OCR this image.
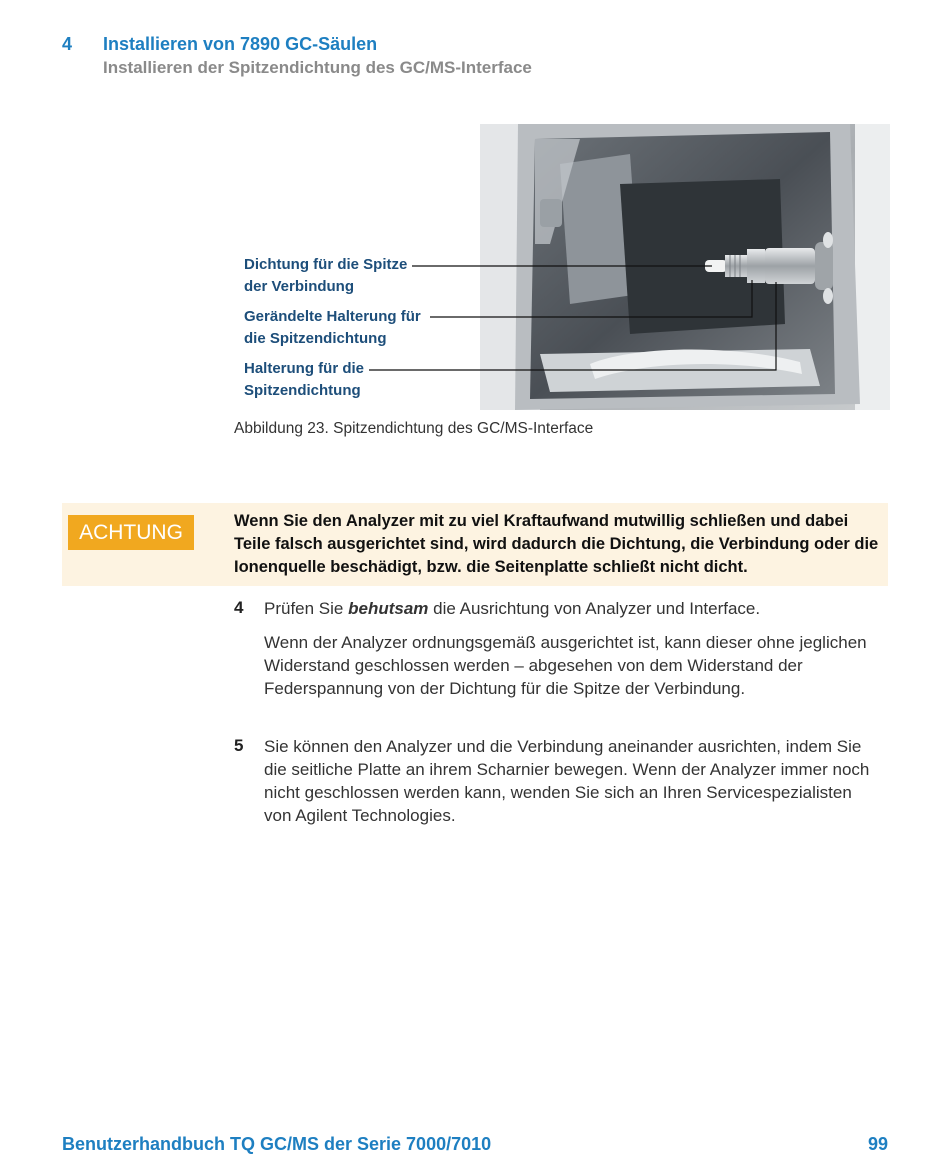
4 Installieren von 7890 GC-Säulen
Installieren der Spitzendichtung des GC/MS-Interface
Dichtung für die Spitze
der Verbindung
Gerändelte Halterung für
die Spitzendichtung
Halterung für die
Spitzendichtung
Abbildung 23. Spitzendichtung des GC/MS-Interface
ACHTUNG	Wenn Sie den Analyzer mit zu viel Kraftaufwand mutwillig schließen und dabei Teile falsch ausgerichtet sind, wird dadurch die Dichtung, die Verbindung oder die Ionenquelle beschädigt, bzw. die Seitenplatte schließt nicht dicht.
4 Prüfen Sie behutsam die Ausrichtung von Analyzer und Interface.
Wenn der Analyzer ordnungsgemäß ausgerichtet ist, kann dieser ohne jeglichen Widerstand geschlossen werden – abgesehen von dem Widerstand der Federspannung von der Dichtung für die Spitze der Verbindung.
5 Sie können den Analyzer und die Verbindung aneinander ausrichten, indem Sie die seitliche Platte an ihrem Scharnier bewegen. Wenn der Analyzer immer noch nicht geschlossen werden kann, wenden Sie sich an Ihren Servicespezialisten von Agilent Technologies.
Benutzerhandbuch TQ GC/MS der Serie 7000/7010	99
